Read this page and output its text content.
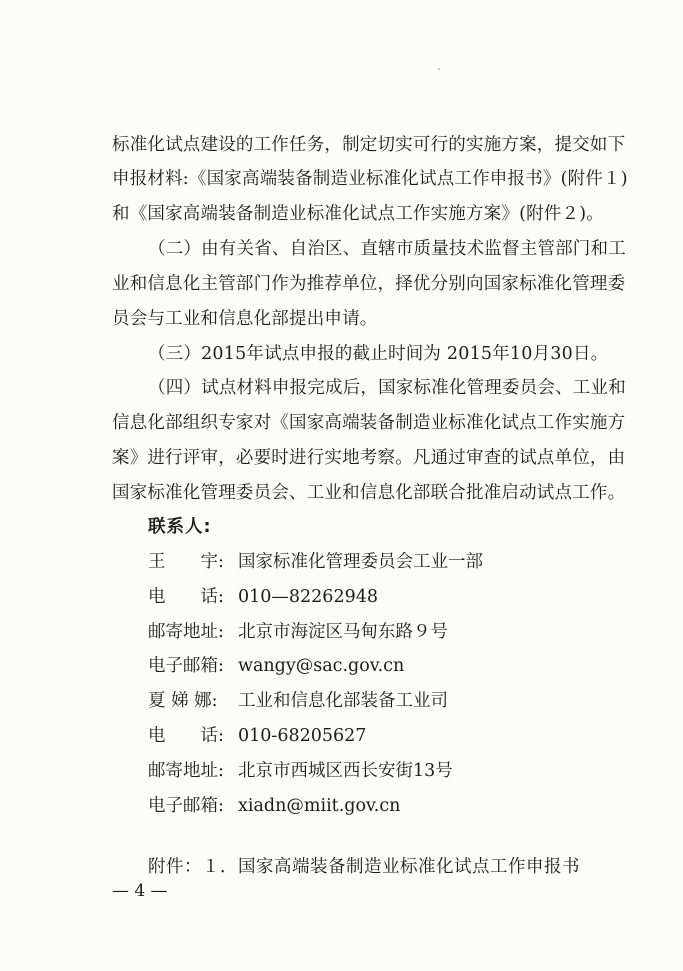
标准化试点建设的工作任务，制定切实可行的实施方案，提交如下
申报材料:《国家高端装备制造业标准化试点工作申报书》(附件１)
和《国家高端装备制造业标准化试点工作实施方案》(附件２)。
（二）由有关省、自治区、直辖市质量技术监督主管部门和工
业和信息化主管部门作为推荐单位，择优分别向国家标准化管理委
员会与工业和信息化部提出申请。
（三）2015年试点申报的截止时间为 2015年10月30日。
（四）试点材料申报完成后，国家标准化管理委员会、工业和
信息化部组织专家对《国家高端装备制造业标准化试点工作实施方
案》进行评审，必要时进行实地考察。凡通过审查的试点单位，由
国家标准化管理委员会、工业和信息化部联合批准启动试点工作。
联系人:
王　　宇: 国家标准化管理委员会工业一部
电　　话: 010—82262948
邮寄地址: 北京市海淀区马甸东路９号
电子邮箱: wangy@sac.gov.cn
夏 娣 娜: 工业和信息化部装备工业司
电　　话: 010-68205627
邮寄地址: 北京市西城区西长安街13号
电子邮箱: xiadn@miit.gov.cn
附件：１．国家高端装备制造业标准化试点工作申报书
— 4 —
